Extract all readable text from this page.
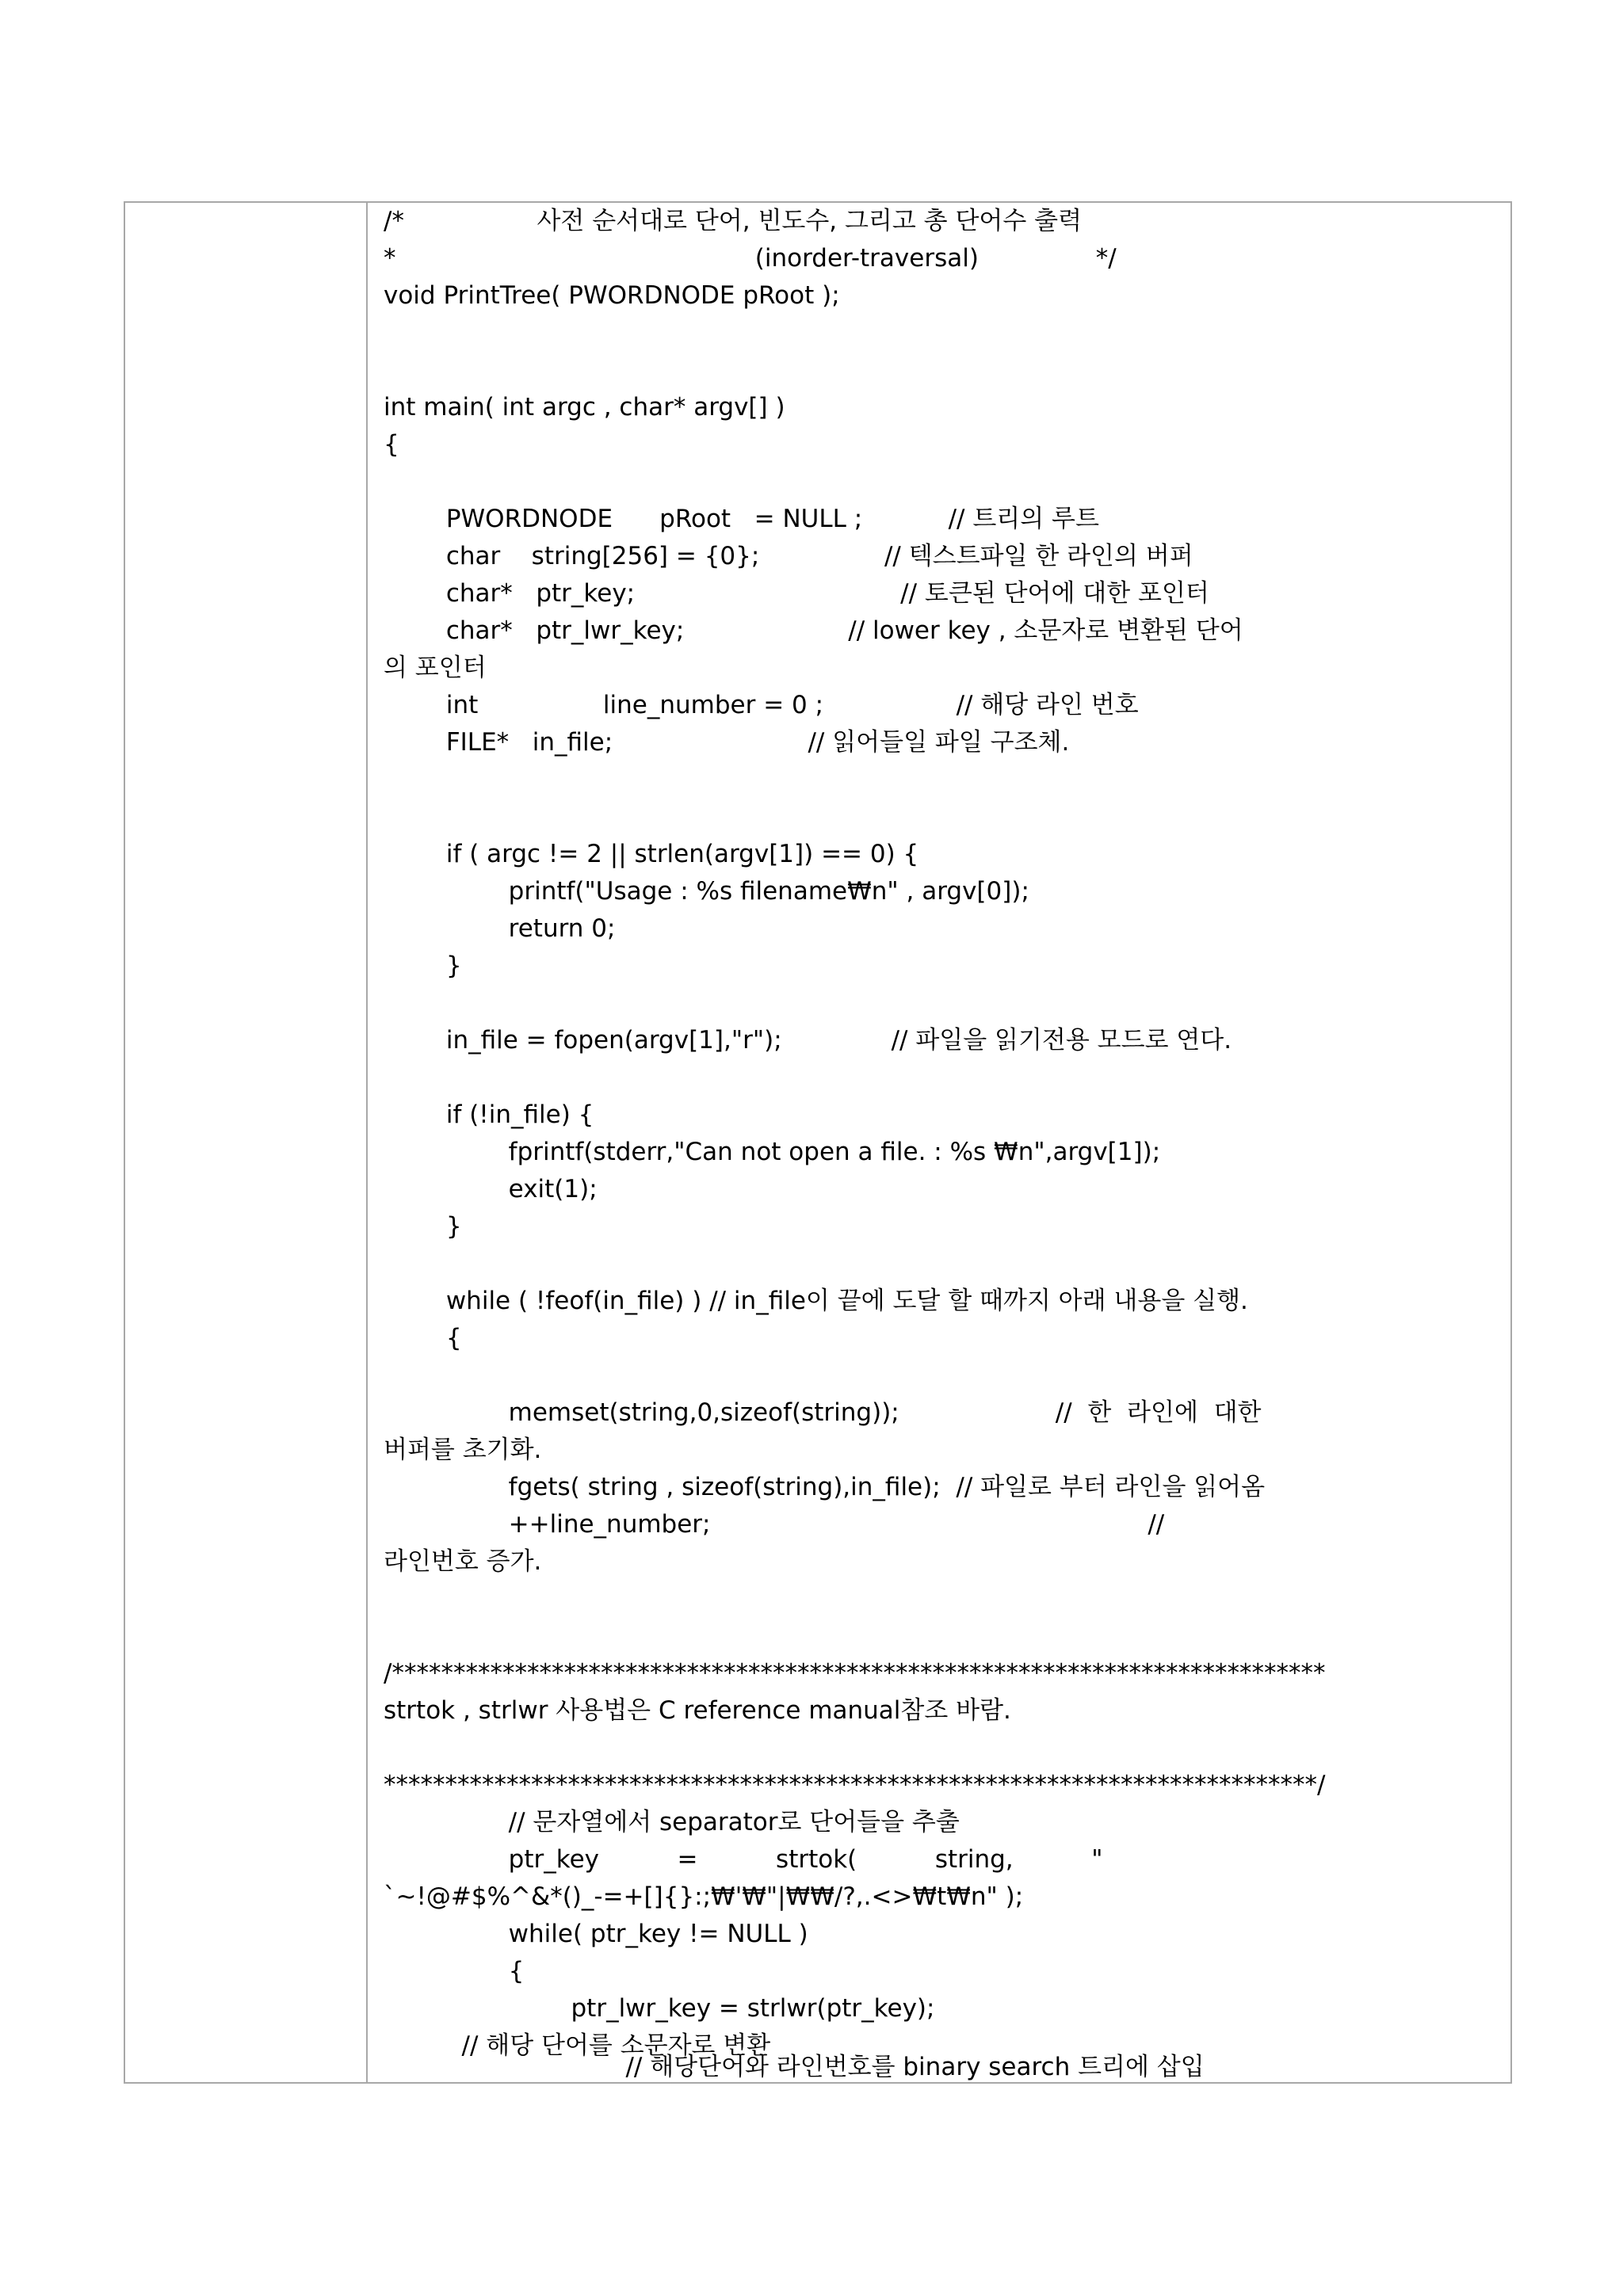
/*                 사전 순서대로 단어, 빈도수, 그리고 총 단어수 출력
*                                              (inorder-traversal)               */
void PrintTree( PWORDNODE pRoot );
int main( int argc , char* argv[] )
{
PWORDNODE      pRoot   = NULL ;           // 트리의 루트
char    string[256] = {0};                // 텍스트파일 한 라인의 버퍼
char*   ptr_key;                                  // 토큰된 단어에 대한 포인터
char*   ptr_lwr_key;                     // lower key , 소문자로 변환된 단어
의 포인터
int                line_number = 0 ;                 // 해당 라인 번호
FILE*   in_file;                         // 읽어들일 파일 구조체.
if ( argc != 2 || strlen(argv[1]) == 0) {
printf("Usage : %s filename₩n" , argv[0]);
return 0;
}
in_file = fopen(argv[1],"r");              // 파일을 읽기전용 모드로 연다.
if (!in_file) {
fprintf(stderr,"Can not open a file. : %s ₩n",argv[1]);
exit(1);
}
while ( !feof(in_file) ) // in_file이 끝에 도달 할 때까지 아래 내용을 실행.
{
memset(string,0,sizeof(string));                    //  한  라인에  대한
버퍼를 초기화.
fgets( string , sizeof(string),in_file);  // 파일로 부터 라인을 읽어옴
++line_number;                                                        //
라인번호 증가.
/****************************************************************************
strtok , strlwr 사용법은 C reference manual참조 바람.
****************************************************************************/
// 문자열에서 separator로 단어들을 추출
ptr_key          =          strtok(          string,          "
`~!@#$%^&*()_-=+[]{}:;₩'₩"|₩₩/?,.<>₩t₩n" );
while( ptr_key != NULL )
{
ptr_lwr_key = strlwr(ptr_key);
// 해당 단어를 소문자로 변환
// 해당단어와 라인번호를 binary search 트리에 삽입
